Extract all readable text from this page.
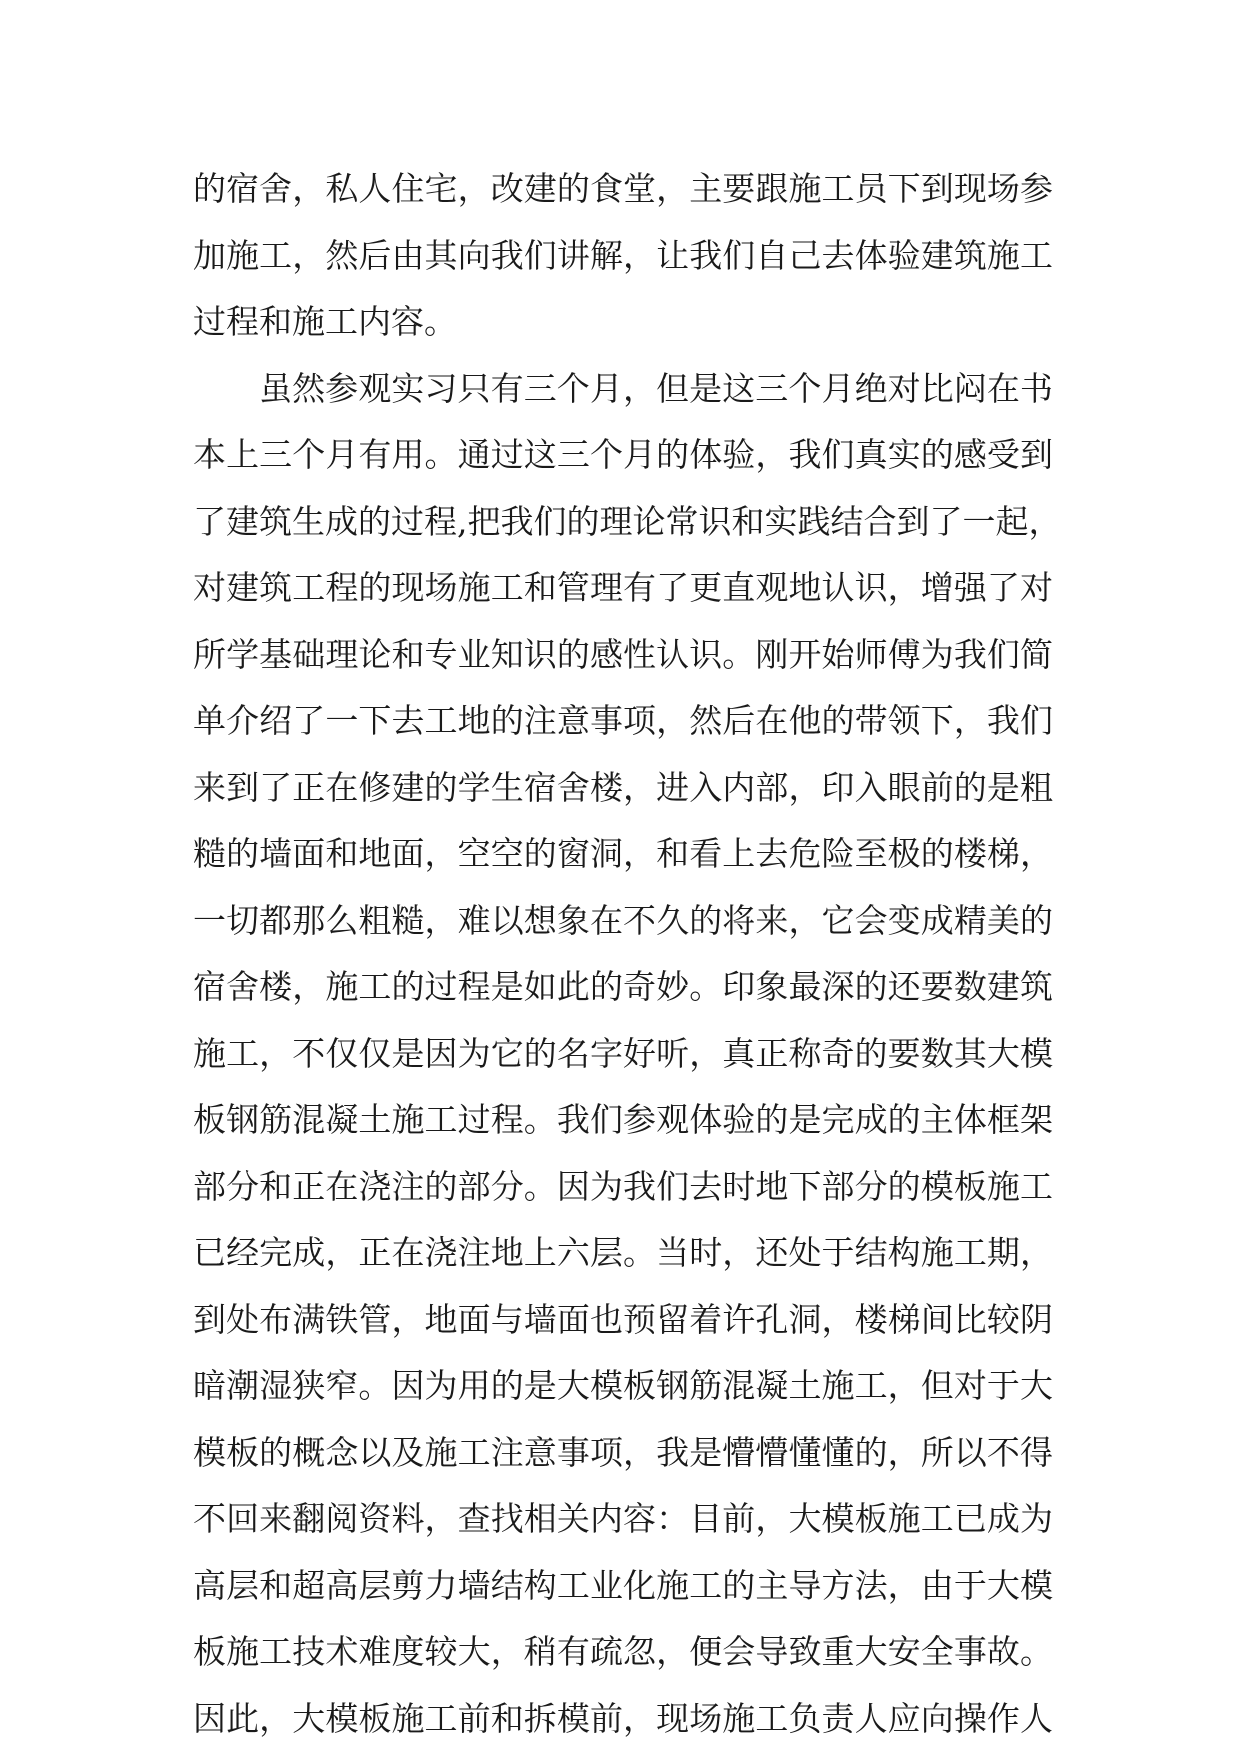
的宿舍，私人住宅，改建的食堂，主要跟施工员下到现场参
加施工，然后由其向我们讲解，让我们自己去体验建筑施工
过程和施工内容。
虽然参观实习只有三个月，但是这三个月绝对比闷在书
本上三个月有用。通过这三个月的体验，我们真实的感受到
了建筑生成的过程,把我们的理论常识和实践结合到了一起，
对建筑工程的现场施工和管理有了更直观地认识，增强了对
所学基础理论和专业知识的感性认识。刚开始师傅为我们简
单介绍了一下去工地的注意事项，然后在他的带领下，我们
来到了正在修建的学生宿舍楼，进入内部，印入眼前的是粗
糙的墙面和地面，空空的窗洞，和看上去危险至极的楼梯，
一切都那么粗糙，难以想象在不久的将来，它会变成精美的
宿舍楼，施工的过程是如此的奇妙。印象最深的还要数建筑
施工，不仅仅是因为它的名字好听，真正称奇的要数其大模
板钢筋混凝土施工过程。我们参观体验的是完成的主体框架
部分和正在浇注的部分。因为我们去时地下部分的模板施工
已经完成，正在浇注地上六层。当时，还处于结构施工期，
到处布满铁管，地面与墙面也预留着许孔洞，楼梯间比较阴
暗潮湿狭窄。因为用的是大模板钢筋混凝土施工，但对于大
模板的概念以及施工注意事项，我是懵懵懂懂的，所以不得
不回来翻阅资料，查找相关内容：目前，大模板施工已成为
高层和超高层剪力墙结构工业化施工的主导方法，由于大模
板施工技术难度较大，稍有疏忽，便会导致重大安全事故。
因此，大模板施工前和拆模前，现场施工负责人应向操作人
